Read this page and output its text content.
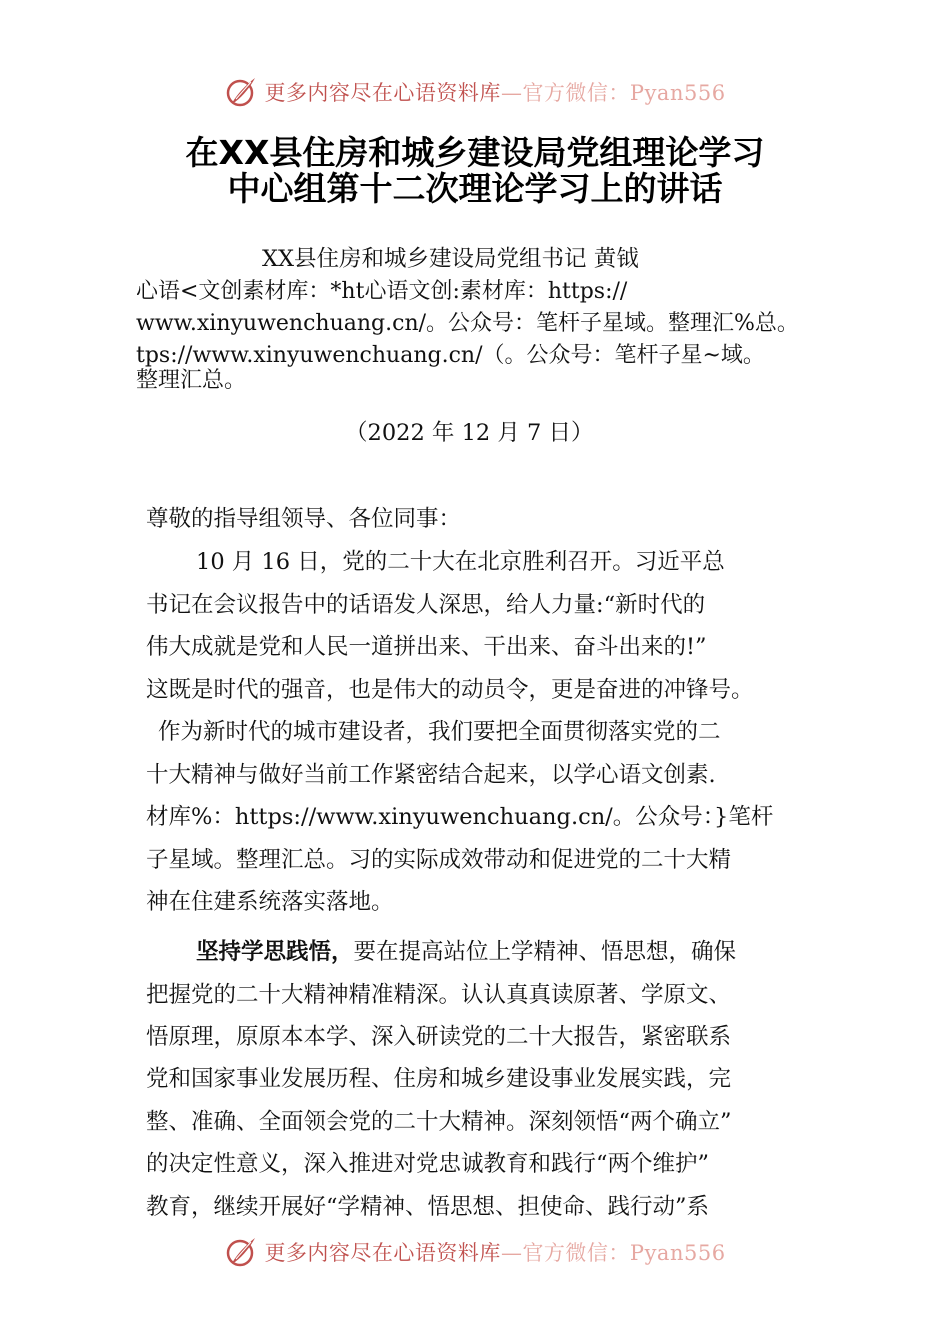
更多内容尽在心语资料库—官方微信：Pyan556
在XX县住房和城乡建设局党组理论学习
中心组第十二次理论学习上的讲话
XX县住房和城乡建设局党组书记 黄钺
心语<文创素材库：*ht心语文创:素材库：https://
www.xinyuwenchuang.cn/。公众号：笔杆子星域。整理汇%总。
tps://www.xinyuwenchuang.cn/（。公众号：笔杆子星~域。
整理汇总。
（2022 年 12 月 7 日）
尊敬的指导组领导、各位同事：
10 月 16 日，党的二十大在北京胜利召开。习近平总
书记在会议报告中的话语发人深思，给人力量:“新时代的
伟大成就是党和人民一道拼出来、干出来、奋斗出来的!”
这既是时代的强音，也是伟大的动员令，更是奋进的冲锋号。
作为新时代的城市建设者，我们要把全面贯彻落实党的二
十大精神与做好当前工作紧密结合起来，以学心语文创素.
材库%：https://www.xinyuwenchuang.cn/。公众号：}笔杆
子星域。整理汇总。习的实际成效带动和促进党的二十大精
神在住建系统落实落地。
坚持学思践悟，要在提高站位上学精神、悟思想，确保
把握党的二十大精神精准精深。认认真真读原著、学原文、
悟原理，原原本本学、深入研读党的二十大报告，紧密联系
党和国家事业发展历程、住房和城乡建设事业发展实践，完
整、准确、全面领会党的二十大精神。深刻领悟“两个确立”
的决定性意义，深入推进对党忠诚教育和践行“两个维护”
教育，继续开展好“学精神、悟思想、担使命、践行动”系
更多内容尽在心语资料库—官方微信：Pyan556
